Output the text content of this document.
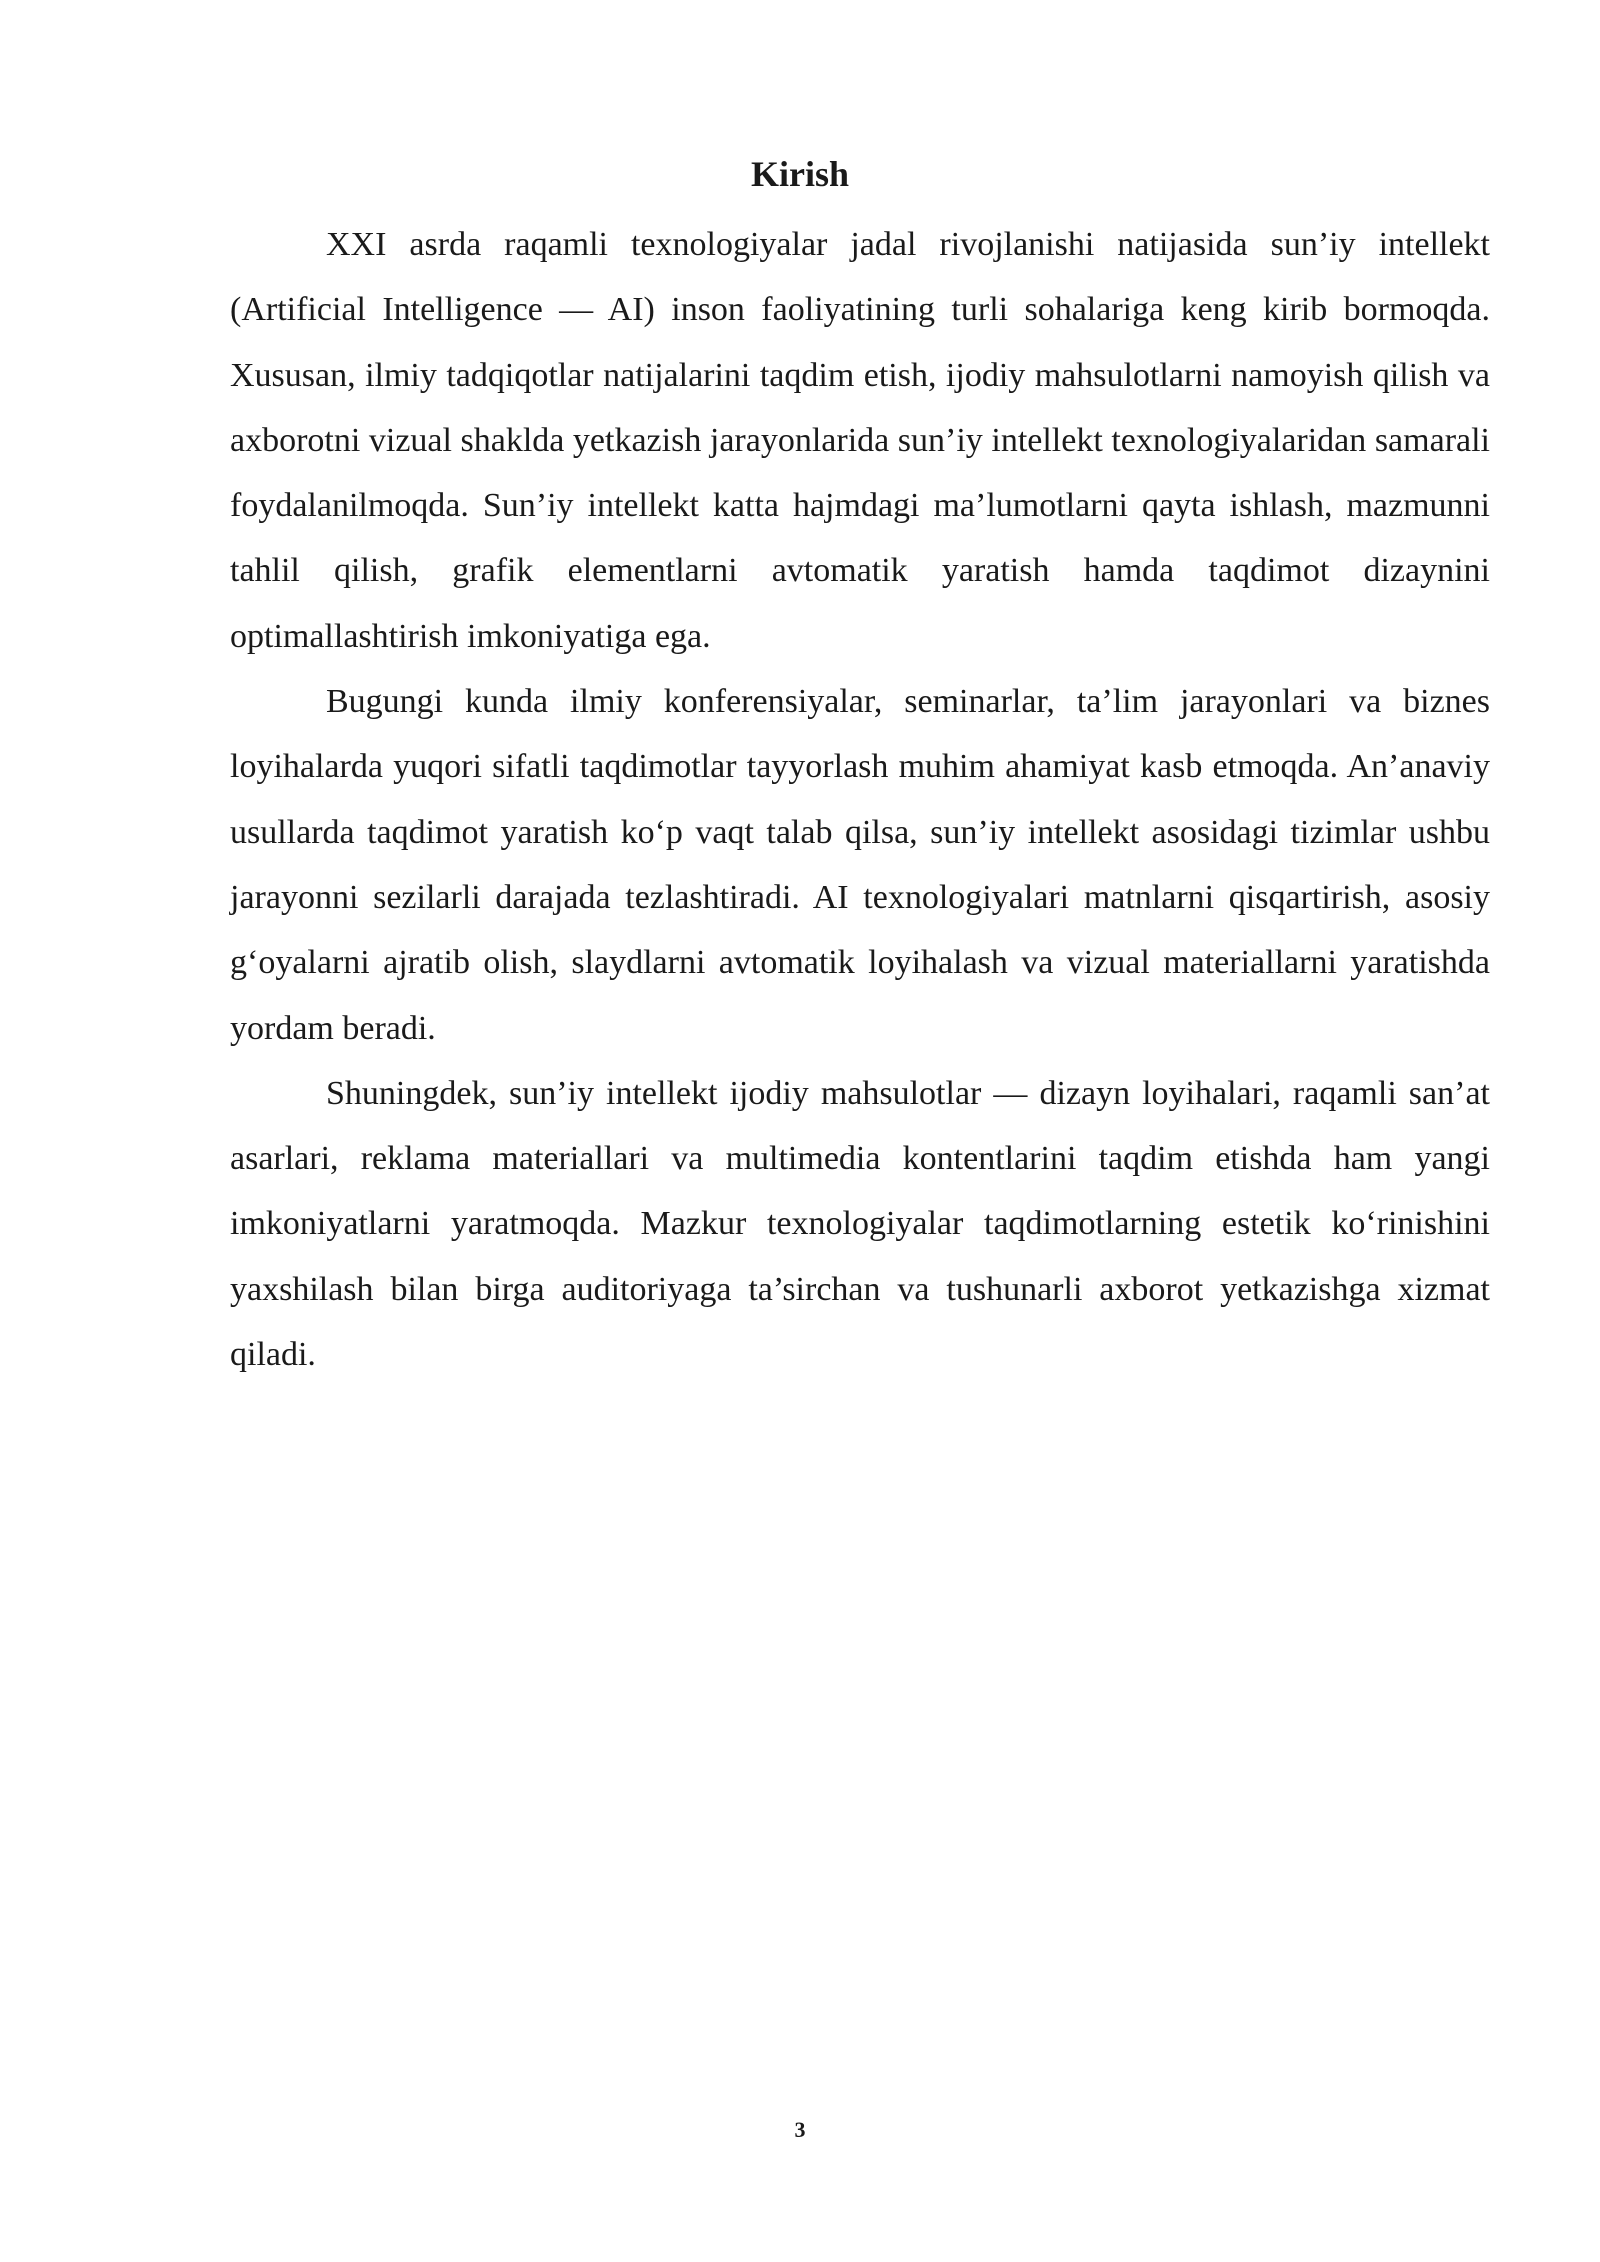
Kirish

XXI asrda raqamli texnologiyalar jadal rivojlanishi natijasida sun’iy intellekt (Artificial Intelligence — AI) inson faoliyatining turli sohalariga keng kirib bormoqda. Xususan, ilmiy tadqiqotlar natijalarini taqdim etish, ijodiy mahsulotlarni namoyish qilish va axborotni vizual shaklda yetkazish jarayonlarida sun’iy intellekt texnologiyalaridan samarali foydalanilmoqda. Sun’iy intellekt katta hajmdagi ma’lumotlarni qayta ishlash, mazmunni tahlil qilish, grafik elementlarni avtomatik yaratish hamda taqdimot dizaynini optimallashtirish imkoniyatiga ega.

Bugungi kunda ilmiy konferensiyalar, seminarlar, ta’lim jarayonlari va biznes loyihalarda yuqori sifatli taqdimotlar tayyorlash muhim ahamiyat kasb etmoqda. An’anaviy usullarda taqdimot yaratish ko‘p vaqt talab qilsa, sun’iy intellekt asosidagi tizimlar ushbu jarayonni sezilarli darajada tezlashtiradi. AI texnologiyalari matnlarni qisqartirish, asosiy g‘oyalarni ajratib olish, slaydlarni avtomatik loyihalash va vizual materiallarni yaratishda yordam beradi.

Shuningdek, sun’iy intellekt ijodiy mahsulotlar — dizayn loyihalari, raqamli san’at asarlari, reklama materiallari va multimedia kontentlarini taqdim etishda ham yangi imkoniyatlarni yaratmoqda. Mazkur texnologiyalar taqdimotlarning estetik ko‘rinishini yaxshilash bilan birga auditoriyaga ta’sirchan va tushunarli axborot yetkazishga xizmat qiladi.

3
